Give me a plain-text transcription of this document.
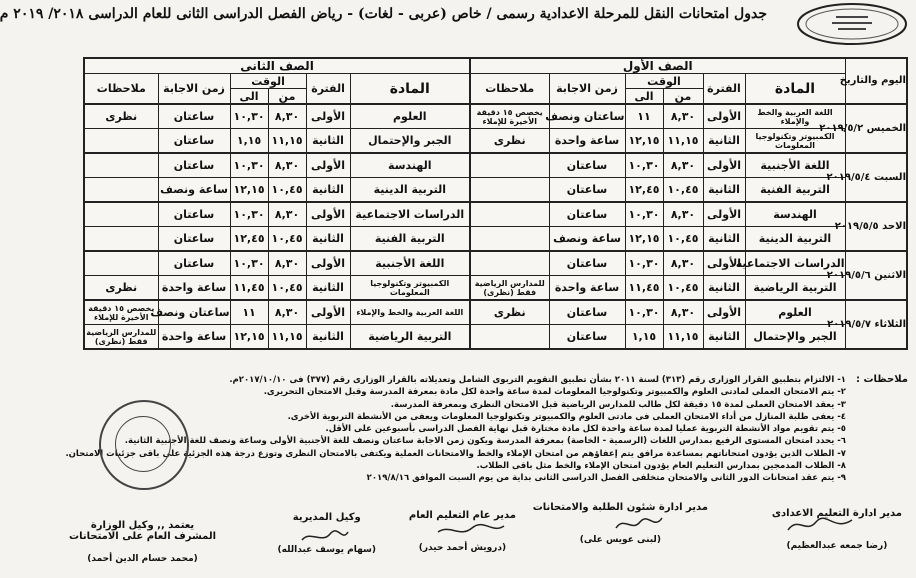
جدول امتحانات النقل للمرحلة الاعدادية رسمى / خاص (عربى - لغات) - رياض الفصل الدراسى الثانى للعام الدراسى ٢٠١٨/ ٢٠١٩ م
اليوم والتاريخ	الصف الأول					
	المادة	الفترة	الوقت		زمن الاجابة	ملاحظات
			من	الى		
الخميس ٢٠١٩/٥/٢	اللغة العربية والخط والإملاء	الأولى	٨,٣٠	١١	ساعتان ونصف	يخصص ١٥ دقيقة الأخيرة للإملاء
	الكمبيوتر وتكنولوجيا المعلومات	الثانية	١١,١٥	١٢,١٥	ساعة واحدة	نظرى
السبت ٢٠١٩/٥/٤	اللغة الأجنبية	الأولى	٨,٣٠	١٠,٣٠	ساعتان	
	التربية الفنية	الثانية	١٠,٤٥	١٢,٤٥	ساعتان	
الاحد ٢٠١٩/٥/٥	الهندسة	الأولى	٨,٣٠	١٠,٣٠	ساعتان	
	التربية الدينية	الثانية	١٠,٤٥	١٢,١٥	ساعة ونصف	
الاثنين ٢٠١٩/٥/٦	الدراسات الاجتماعية	الأولى	٨,٣٠	١٠,٣٠	ساعتان	
	التربية الرياضية	الثانية	١٠,٤٥	١١,٤٥	ساعة واحدة	للمدارس الرياضية فقط (نظرى)
الثلاثاء ٢٠١٩/٥/٧	العلوم	الأولى	٨,٣٠	١٠,٣٠	ساعتان	نظرى
	الجبر والإحتمال	الثانية	١١,١٥	١,١٥	ساعتان	
الصف الثانى					
المادة	الفترة	الوقت		زمن الاجابة	ملاحظات
		من	الى		
العلوم	الأولى	٨,٣٠	١٠,٣٠	ساعتان	نظرى
الجبر والإحتمال	الثانية	١١,١٥	١,١٥	ساعتان	
الهندسة	الأولى	٨,٣٠	١٠,٣٠	ساعتان	
التربية الدينية	الثانية	١٠,٤٥	١٢,١٥	ساعة ونصف	
الدراسات الاجتماعية	الأولى	٨,٣٠	١٠,٣٠	ساعتان	
التربية الفنية	الثانية	١٠,٤٥	١٢,٤٥	ساعتان	
اللغة الأجنبية	الأولى	٨,٣٠	١٠,٣٠	ساعتان	
الكمبيوتر وتكنولوجيا المعلومات	الثانية	١٠,٤٥	١١,٤٥	ساعة واحدة	نظرى
اللغة العربية والخط والإملاء	الأولى	٨,٣٠	١١	ساعتان ونصف	يخصص ١٥ دقيقة الأخيرة للإملاء
التربية الرياضية	الثانية	١١,١٥	١٢,١٥	ساعة واحدة	للمدارس الرياضية فقط (نظرى)
ملاحظات :
١- الالتزام بتطبيق القرار الوزارى رقم (٣١٣) لسنة ٢٠١١ بشأن تطبيق التقويم التربوى الشامل وتعديلاته بالقرار الوزارى رقم (٣٧٧) فى ٢٠١٧/١٠/١٠م.
٢- يتم الامتحان العملى لمادتى العلوم والكمبيوتر وتكنولوجيا المعلومات لمدة ساعة واحدة لكل مادة بمعرفة المدرسة وقبل الامتحان التحريرى.
٣- يعقد الامتحان العملى لمدة ١٥ دقيقة لكل طالب للمدارس الرياضية قبل الامتحان النظرى وبمعرفة المدرسة.
٤- يعفى طلبة المنازل من أداء الامتحان العملى فى مادتى العلوم والكمبيوتر وتكنولوجيا المعلومات ويعفى من الأنشطة التربوية الأخرى.
٥- يتم تقويم مواد الأنشطة التربوية عمليا لمدة ساعة واحدة لكل مادة مختارة قبل نهاية الفصل الدراسى بأسبوعين على الأقل.
٦- يحدد امتحان المستوى الرفيع بمدارس اللغات (الرسمية - الخاصة) بمعرفة المدرسة ويكون زمن الاجابة ساعتان ونصف للغة الأجنبية الأولى وساعة ونصف للغة الأجنبية الثانية.
٧- الطلاب الذين يؤدون امتحاناتهم بمساعدة مرافق يتم إعفاؤهم من امتحان الإملاء والخط والامتحانات العملية ويكتفى بالامتحان النظرى وتوزع درجة هذه الجزئية على باقى جزئيات الامتحان.
٨- الطلاب المدمجين بمدارس التعليم العام يؤدون امتحان الإملاء والخط مثل باقى الطلاب.
٩- يتم عقد امتحانات الدور الثانى والامتحان متخلفى الفصل الدراسى الثانى بداية من يوم السبت الموافق ٢٠١٩/٨/١٦
مدير ادارة التعليم الاعدادى
(رضا جمعه عبدالعظيم)
مدير ادارة شئون الطلبة والامتحانات
(لبنى عويس على)
مدير عام التعليم العام
(درويش أحمد حيدر)
وكيل المديرية
(سهام يوسف عبدالله)
يعتمد ,, وكيل الوزارة
المشرف العام على الامتحانات
(محمد حسام الدين أحمد)
